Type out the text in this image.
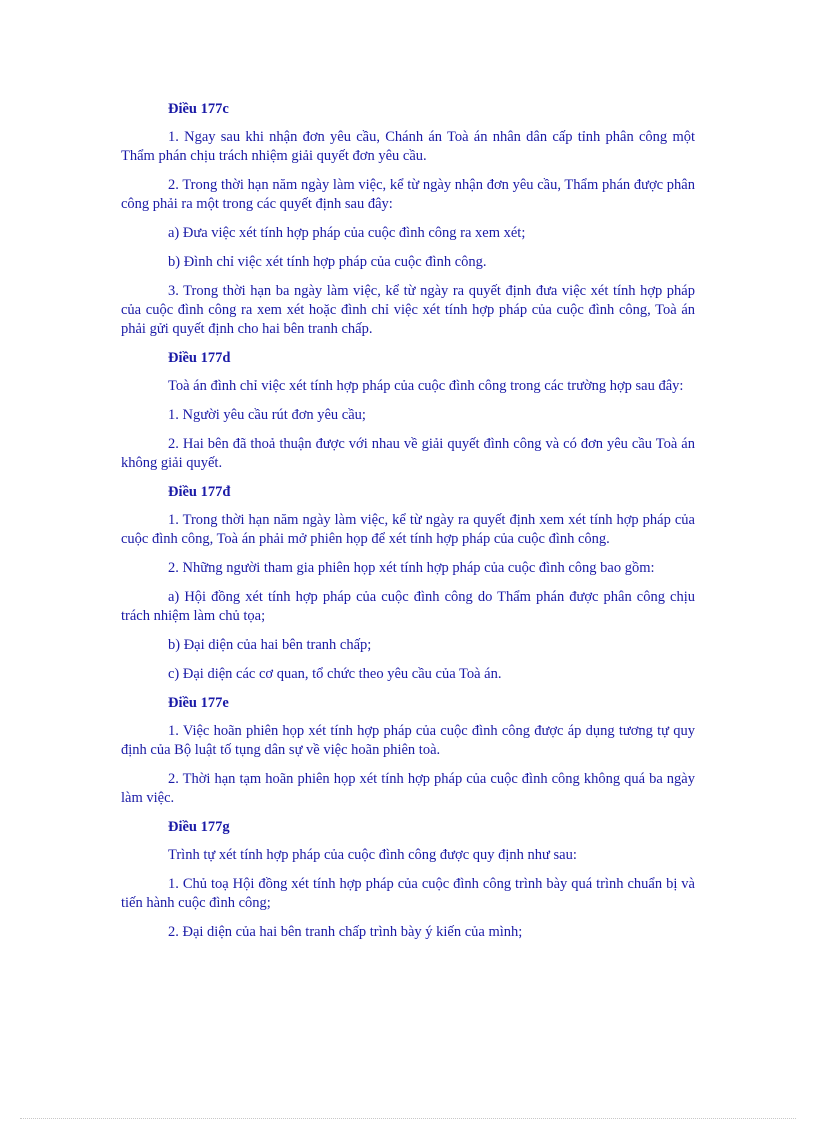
Điều 177c

1. Ngay sau khi nhận đơn yêu cầu, Chánh án Toà án nhân dân cấp tỉnh phân công một Thẩm phán chịu trách nhiệm giải quyết đơn yêu cầu.

2. Trong thời hạn năm ngày làm việc, kể từ ngày nhận đơn yêu cầu, Thẩm phán được phân công phải ra một trong các quyết định sau đây:

a) Đưa việc xét tính hợp pháp của cuộc đình công ra xem xét;

b) Đình chỉ việc xét tính hợp pháp của cuộc đình công.

3. Trong thời hạn ba ngày làm việc, kể từ ngày ra quyết định đưa việc xét tính hợp pháp của cuộc đình công ra xem xét hoặc đình chỉ việc xét tính hợp pháp của cuộc đình công, Toà án phải gửi quyết định cho hai bên tranh chấp.

Điều 177d

Toà án đình chỉ việc xét tính hợp pháp của cuộc đình công trong các trường hợp sau đây:

1. Người yêu cầu rút đơn yêu cầu;

2. Hai bên đã thoả thuận được với nhau về giải quyết đình công và có đơn yêu cầu Toà án không giải quyết.

Điều 177đ

1. Trong thời hạn năm ngày làm việc, kể từ ngày ra quyết định xem xét tính hợp pháp của cuộc đình công, Toà án phải mở phiên họp để xét tính hợp pháp của cuộc đình công.

2. Những người tham gia phiên họp xét tính hợp pháp của cuộc đình công bao gồm:

a) Hội đồng xét tính hợp pháp của cuộc đình công do Thẩm phán được phân công chịu trách nhiệm làm chủ tọa;

b) Đại diện của hai bên tranh chấp;

c) Đại diện các cơ quan, tổ chức theo yêu cầu của Toà án.

Điều 177e

1. Việc hoãn phiên họp xét tính hợp pháp của cuộc đình công được áp dụng tương tự quy định của Bộ luật tố tụng dân sự về việc hoãn phiên toà.

2. Thời hạn tạm hoãn phiên họp xét tính hợp pháp của cuộc đình công không quá ba ngày làm việc.

Điều 177g

Trình tự xét tính hợp pháp của cuộc đình công được quy định như sau:

1. Chủ toạ Hội đồng xét tính hợp pháp của cuộc đình công trình bày quá trình chuẩn bị và tiến hành cuộc đình công;

2. Đại diện của hai bên tranh chấp trình bày ý kiến của mình;
